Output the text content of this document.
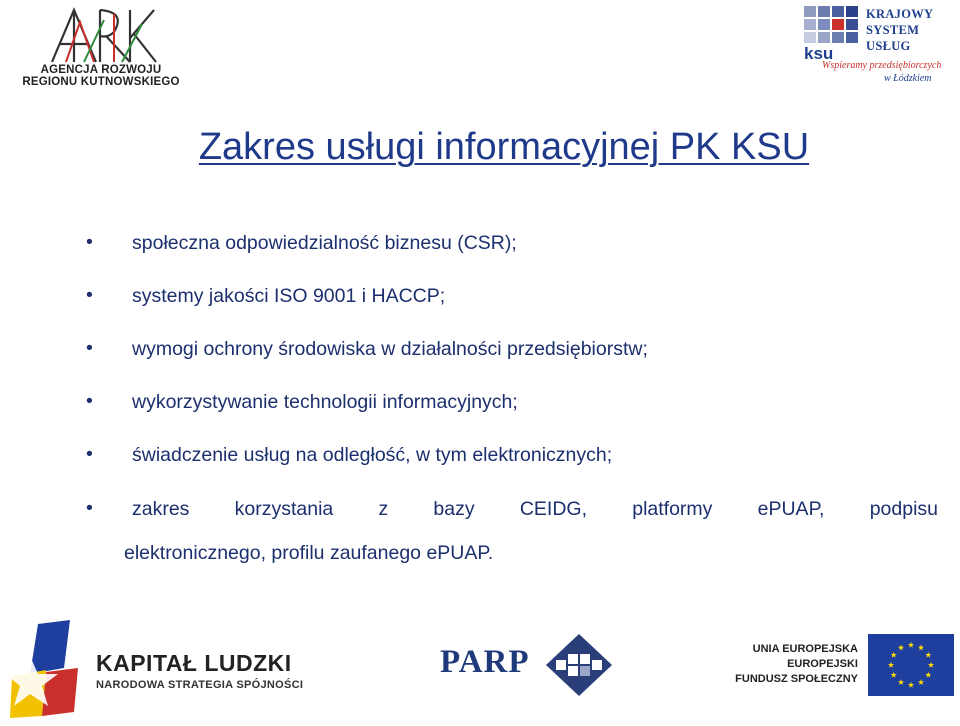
AGENCJA ROZWOJU
REGIONU KUTNOWSKIEGO
KRAJOWY
SYSTEM
USŁUG
ksu
Wspieramy przedsiębiorczych
w Łódzkiem
Zakres usługi informacyjnej PK KSU
• społeczna odpowiedzialność biznesu (CSR);
• systemy jakości ISO 9001 i HACCP;
• wymogi ochrony środowiska w działalności przedsiębiorstw;
• wykorzystywanie technologii informacyjnych;
• świadczenie usług na odległość, w tym elektronicznych;
• zakres korzystania z bazy CEIDG, platformy ePUAP, podpisu
elektronicznego, profilu zaufanego ePUAP.
KAPITAŁ LUDZKI
NARODOWA STRATEGIA SPÓJNOŚCI
PARP	UNIA EUROPEJSKA
EUROPEJSKI
FUNDUSZ SPOŁECZNY
